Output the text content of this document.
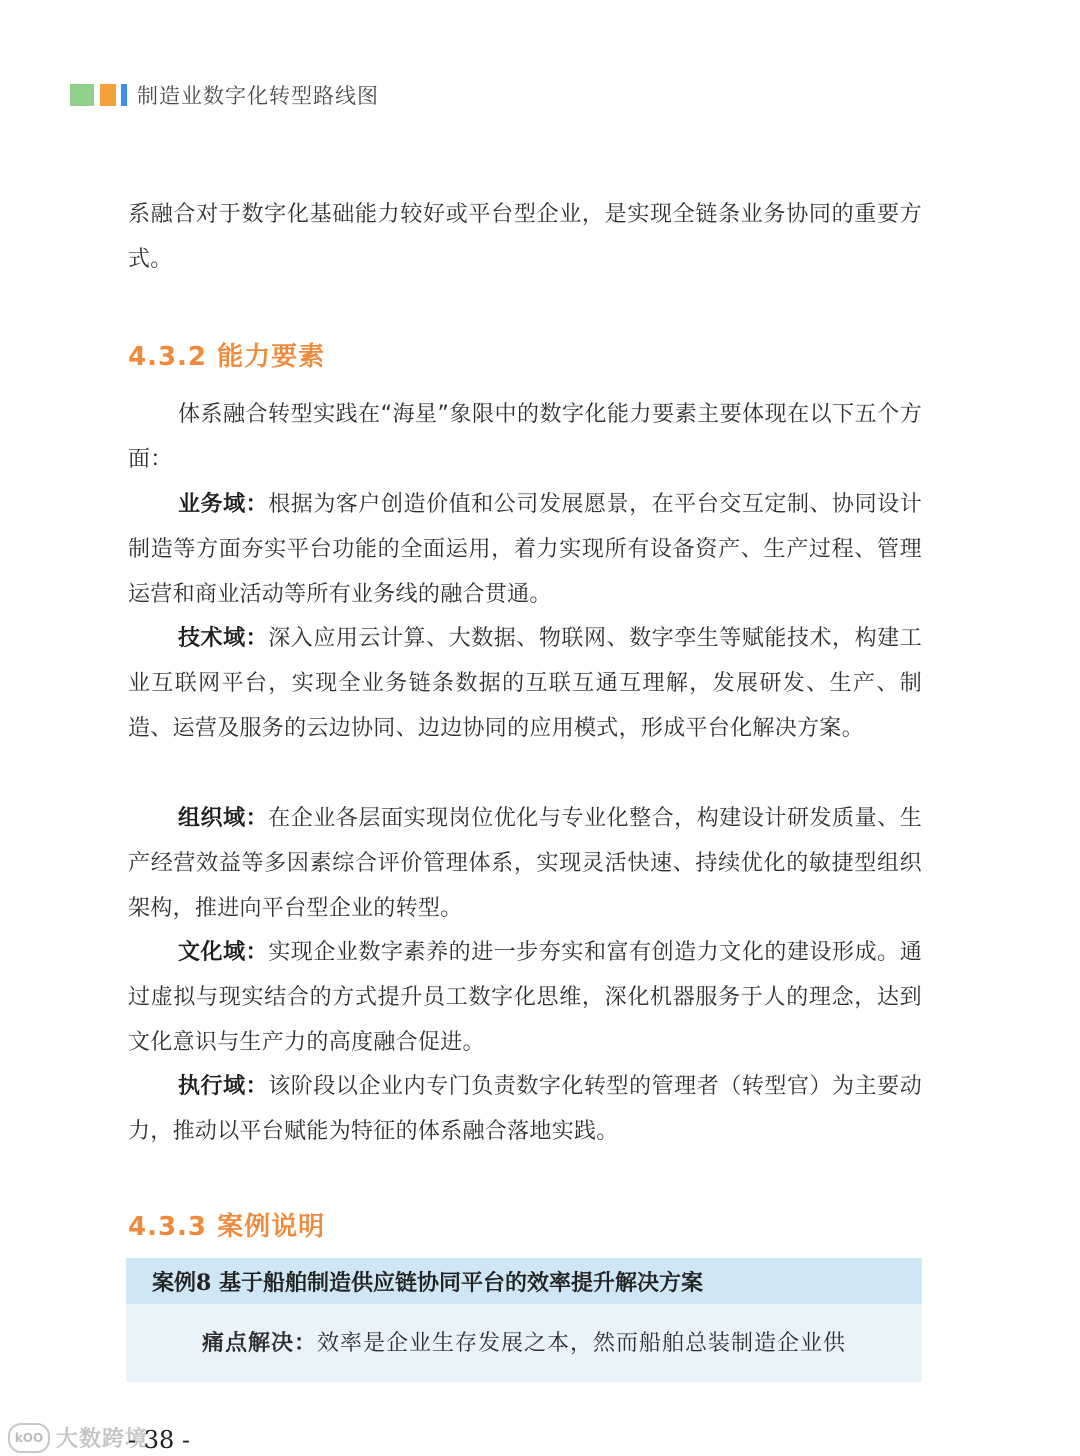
制造业数字化转型路线图

系融合对于数字化基础能力较好或平台型企业，是实现全链条业务协同的重要方式。

4.3.2 能力要素

体系融合转型实践在“海星”象限中的数字化能力要素主要体现在以下五个方面：

业务域：根据为客户创造价值和公司发展愿景，在平台交互定制、协同设计制造等方面夯实平台功能的全面运用，着力实现所有设备资产、生产过程、管理运营和商业活动等所有业务线的融合贯通。

技术域：深入应用云计算、大数据、物联网、数字孪生等赋能技术，构建工业互联网平台，实现全业务链条数据的互联互通互理解，发展研发、生产、制造、运营及服务的云边协同、边边协同的应用模式，形成平台化解决方案。

组织域：在企业各层面实现岗位优化与专业化整合，构建设计研发质量、生产经营效益等多因素综合评价管理体系，实现灵活快速、持续优化的敏捷型组织架构，推进向平台型企业的转型。

文化域：实现企业数字素养的进一步夯实和富有创造力文化的建设形成。通过虚拟与现实结合的方式提升员工数字化思维，深化机器服务于人的理念，达到文化意识与生产力的高度融合促进。

执行域：该阶段以企业内专门负责数字化转型的管理者（转型官）为主要动力，推动以平台赋能为特征的体系融合落地实践。

4.3.3 案例说明
案例8 基于船舶制造供应链协同平台的效率提升解决方案
痛点解决：效率是企业生存发展之本，然而船舶总装制造企业供
kOO 大数跨境
- 38 -
